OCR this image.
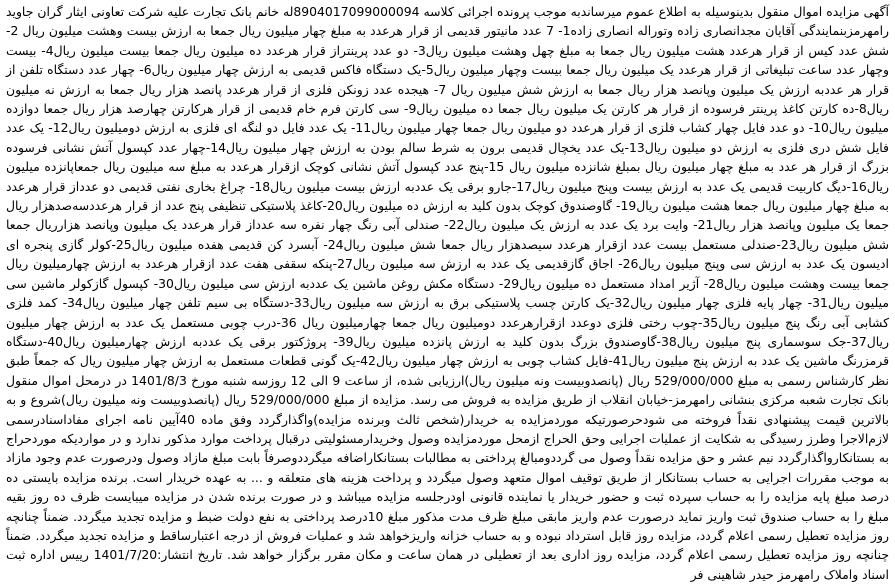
آگهی مزایده اموال منقول بدینوسیله به اطلاع عموم میرساندبه موجب پرونده اجرائی کلاسه 8904017099000094له خانم بانک تجارت علیه شرکت تعاونی ایثار گران جاوید رامهرمزبنمایندگی آقایان مجدانصاری زاده وتوراله انصاری زاده1- 7 عدد مانیتور قدیمی از قرار هرعدد به مبلغ چهار میلیون ریال جمعا به ارزش بیست وهشت میلیون ریال 2-شش عدد کیس از قرار هرعدد هشت میلیون ریال جمعا به مبلغ چهل وهشت میلیون ریال3- دو عدد پرینتراز قرار هرعدد ده میلیون ریال جمعا بیست میلیون ریال4- بیست وچهار عدد ساعت تبلیغاتی از قرار هرعدد یک میلیون ریال جمعا بیست وچهار میلیون ریال5-یک دستگاه فاکس قدیمی به ارزش چهار میلیون ریال6- چهار عدد دستگاه تلفن از قرار هر عددبه ارزش یک میلیون وپانصد هزار ریال جمعا به ارزش شش میلیون ریال 7- هیجده عدد زونکن فلزی از قرار هرعدد پانصد هزار ریال جمعا به ارزش نه میلیون ریال8-ده کارتن کاغذ پرینتر فرسوده از قرار هر کارتن یک میلیون ریال جمعا ده میلیون ریال9- سی کارتن فرم خام قدیمی از قرار هرکارتن چهارصد هزار ریال جمعا دوازده میلیون ریال10- دو عدد فایل چهار کشاب فلزی از قرار هرعدد دو میلیون ریال جمعا چهار میلیون ریال11- یک عدد فایل دو لنگه ای فلزی به ارزش دومیلیون ریال12- یک عدد فایل شش دری فلزی به ارزش دو میلیون ریال13-یک عدد یخچال قدیمی برون به شرط سالم بودن به ارزش چهار میلیون ریال14-چهار عدد کپسول آتش نشانی فرسوده بزرگ از قرار هر عدد به مبلغ چهار میلیون ریال بمبلغ شانزده میلیون ریال 15-پنج عدد کپسول آتش نشانی کوچک ازقرار هرعدد به مبلغ سه میلیون ریال جمعاپانزده میلیون ریال16-دیگ کاربیت قدیمی یک عدد به ارزش بیست وپنج میلیون ریال17-جارو برقی یک عددبه ارزش بیست میلیون ریال18- چراغ بخاری نفتی قدیمی دو عدداز قرار هرعدد به مبلغ چهار میلیون ریال جمعا هشت میلیون ریال19- گاوصندوق کوچک بدون کلید به ارزش ده میلیون ریال20-کاغذ پلاستیکی تنظیفی پنج عدد از قرار هرعددسه‌صدهزار ریال جمعا یک میلیون وپانصد هزار ریال21- وایت برد یک عدد به ارزش یک میلیون ریال22- صندلی آبی رنگ چهار نفره سه عدداز قرار هرعدد یک میلیون وپانصد هزارریال جمعا شش میلیون ریال23-صندلی مستعمل بیست عدد ازقرار هرعدد سیصدهزار ریال جمعا شش میلیون ریال24- آبسرد کن قدیمی هفده میلیون ریال25-کولر گازی پنجره ای ادیسون یک عدد به ارزش سی وپنج میلیون ریال26- اجاق گازقدیمی یک عدد به ارزش سه میلیون ریال27-پنکه سقفی هفت عدد ازقرار هرعدد به ارزش چهارمیلیون ریال جمعا بیست وهشت میلیون ریال28- آژیر امداد مستعمل ده میلیون ریال29- دستگاه مکش روغن ماشین یک عددبه ارزش سی میلیون ریال30- کپسول گازکولر ماشین سی میلیون ریال31- چهار پایه فلزی چهار میلیون ریال32-یک کارتن چسب پلاستیکی برق به ارزش سه میلیون ریال33-دستگاه بی سیم تلفن چهار میلیون ریال34- کمد فلزی کشابی آبی رنگ پنج میلیون ریال35-چوب رختی فلزی دوعدد ازقرارهرعدد دومیلیون ریال جمعا چهارمیلیون ریال 36-درب چوبی مستعمل یک عدد به ارزش چهار میلیون ریال37-جک سوسماری پنج میلیون ریال38-گاوصندوق بزرگ بدون کلید به ارزش پانزده میلیون ریال39- پروژکتور برقی یک عددبه ارزش چهارمیلیون ریال40-دستگاه قرمزرنگ ماشین یک عدد به ارزش پنج میلیون ریال41-فایل کشاب چوبی به ارزش چهار میلیون ریال42-یک گونی قطعات مستعمل به ارزش چهار میلیون ریال که جمعاً طبق نظر کارشناس رسمی به مبلغ 529/000/000 ریال (پانصدوبیست ونه میلیون ریال)ارزیابی شده، از ساعت 9 الی 12 روزسه شنبه مورخ 1401/8/3 در درمحل اموال منقول بانک تجارت شعبه مرکزی بنشانی رامهرمز-خیابان انقلاب از طریق مزایده به فروش می رسد. مزایده از مبلغ 529/000/000 ریال (پانصدوبیست ونه میلیون ریال)شروع و به بالاترین قیمت پیشنهادی نقداً فروخته می شودحرصورتیکه موردمزایده به خریدار(شخص ثالث وبرنده مزایده)واگذارگردد وفق ماده 40آیین نامه اجرای مفاداسنادرسمی لازم‌الاجرا وطرز رسیدگی به شکایت از عملیات اجرایی وحق الحراج ازمحل موردمزایده وصول وخریدارمسئولیتی درقبال پرداخت موارد مذکور ندارد و در مواردیکه موردحراج به بستانکارواگذارگردد نیم عشر و حق مزایده نقداً وصول می گرددومبالغ پرداختی به مطالبات بستانکاراضافه میگرددوصرفاً بابت مبلغ مازاد وصول ودرصورت عدم وجود مازاد به موجب مقررات اجرایی به حساب بستانکار از طریق توقیف اموال متعهد وصول میگردد و پرداخت هزینه های متعلقه و ... به عهده خریدار است. برنده مزایده بایستی ده درصد مبلغ پایه مزایده را به حساب سپرده ثبت و حضور خریدار یا نماینده قانونی اودرجلسه مزایده میباشد و در صورت برنده شدن در مزایده میبایست ظرف ده روز بقیه مبلغ را به حساب صندوق ثبت واریز نماید درصورت عدم واریز مابقی مبلغ ظرف مدت مذکور مبلغ 10درصد پرداختی به نفع دولت ضبط و مزایده تجدید میگردد. ضمناً چنانچه روز مزایده تعطیل رسمی اعلام گردد، مزایده روز قابل استرداد نبوده و به حساب خزانه واریزخواهد شد و عملیات فروش از درجه اعتبارساقط و مزایده تجدید میگردد. ضمناً چنانچه روز مزایده تعطیل رسمی اعلام گردد، مزایده روز اداری بعد از تعطیلی در همان ساعت و مکان مقرر برگزار خواهد شد. تاریخ انتشار:1401/7/20 رییس اداره ثبت اسناد واملاک رامهرمز حیدر شاهینی فر
